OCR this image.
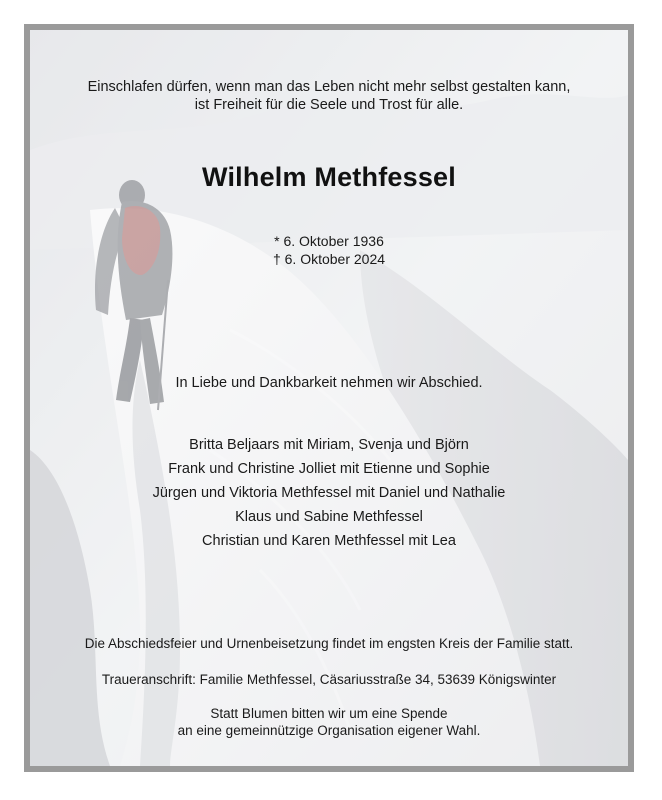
Einschlafen dürfen, wenn man das Leben nicht mehr selbst gestalten kann,
ist Freiheit für die Seele und Trost für alle.
Wilhelm Methfessel
* 6. Oktober 1936
† 6. Oktober 2024
In Liebe und Dankbarkeit nehmen wir Abschied.
Britta Beljaars mit Miriam, Svenja und Björn
Frank und Christine Jolliet mit Etienne und Sophie
Jürgen und Viktoria Methfessel mit Daniel und Nathalie
Klaus und Sabine Methfessel
Christian und Karen Methfessel mit Lea
Die Abschiedsfeier und Urnenbeisetzung findet im engsten Kreis der Familie statt.
Traueranschrift: Familie Methfessel, Cäsariusstraße 34, 53639 Königswinter
Statt Blumen bitten wir um eine Spende
an eine gemeinnützige Organisation eigener Wahl.
